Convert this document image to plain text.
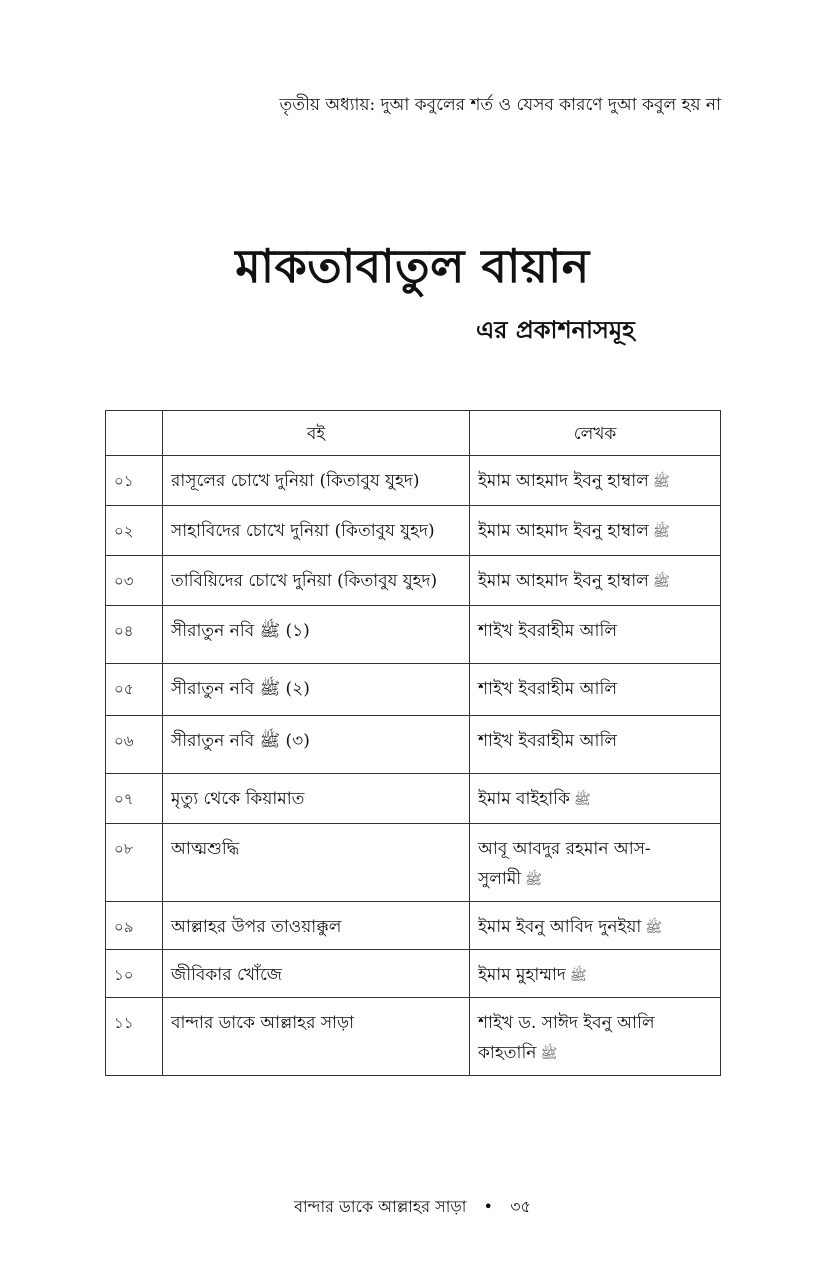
তৃতীয় অধ্যায়: দুআ কবুলের শর্ত ও যেসব কারণে দুআ কবুল হয় না
মাকতাবাতুল বায়ান
এর প্রকাশনাসমূহ
	বই	লেখক
০১	রাসূলের চোখে দুনিয়া (কিতাবুয যুহদ)	ইমাম আহমাদ ইবনু হাম্বাল ﷺ
০২	সাহাবিদের চোখে দুনিয়া (কিতাবুয যুহদ)	ইমাম আহমাদ ইবনু হাম্বাল ﷺ
০৩	তাবিয়িদের চোখে দুনিয়া (কিতাবুয যুহদ)	ইমাম আহমাদ ইবনু হাম্বাল ﷺ
০৪	সীরাতুন নবি ﷺ (১)	শাইখ ইবরাহীম আলি
০৫	সীরাতুন নবি ﷺ (২)	শাইখ ইবরাহীম আলি
০৬	সীরাতুন নবি ﷺ (৩)	শাইখ ইবরাহীম আলি
০৭	মৃত্যু থেকে কিয়ামাত	ইমাম বাইহাকি ﷺ
০৮	আত্মশুদ্ধি	আবূ আবদুর রহমান আস-সুলামী ﷺ
০৯	আল্লাহর উপর তাওয়াক্কুল	ইমাম ইবনু আবিদ দুনইয়া ﷺ
১০	জীবিকার খোঁজে	ইমাম মুহাম্মাদ ﷺ
১১	বান্দার ডাকে আল্লাহর সাড়া	শাইখ ড. সাঈদ ইবনু আলি কাহতানি ﷺ
বান্দার ডাকে আল্লাহর সাড়া • ৩৫
